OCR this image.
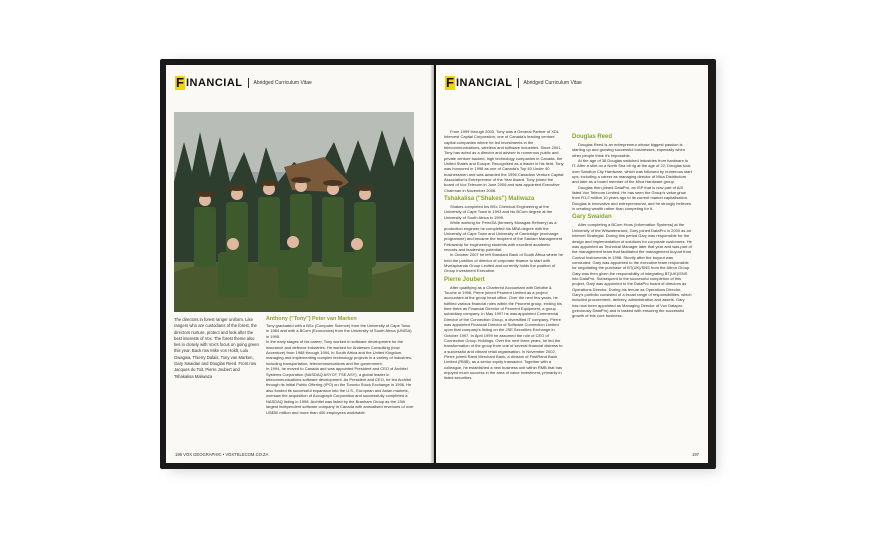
F INANCIAL Abridged Curriculum Vitae
The directors in forest ranger uniform. Like rangers who are custodians of the forest, the directors nurture, protect and look after the best interests of Vox. The forest theme also ties in closely with Vox's focus on going green this year. Back row Mike von Holdt, Lulu Gwagwa, Thierry Dalais, Tony van Marken, Gary Swaidan and Douglas Reed. Front row Jacques du Toit, Pierre Joubert and Tshakalisa Maliwaza
Anthony ("Tony") Peter van Marken

Tony graduated with a BSc (Computer Science) from the University of Cape Town in 1984 and with a BCom (Economics) from the University of South Africa (UNISA) in 1995.

In the early stages of his career, Tony worked in software development for the insurance and defence industries. He worked for Andersen Consulting (now Accenture) from 1988 through 1994, in South Africa and the United Kingdom, managing and implementing complex technology projects in a variety of industries, including transportation, telecommunications and the government.

In 1994, he moved to Canada and was appointed President and CEO of Architel Systems Corporation (NASDAQ ASYCF, TSE ASY), a global leader in telecommunications software development. As President and CEO, he led Architel through its Initial Public Offering (IPO) on the Toronto Stock Exchange in 1996. He also funded its successful expansion into the U.S., European and Asian markets, oversaw the acquisition of Accugraph Corporation and successfully completed a NASDAQ listing in 1998. Architel was listed by the Branham Group as the 13th largest independent software company in Canada with annualised revenues of over US$50 million and more than 400 employees worldwide.

196 VOX GEOGRAPHIC • VOXTELECOM.CO.ZA
F INANCIAL Abridged Curriculum Vitae

From 1999 through 2003, Tony was a General Partner of XDL Intervest Capital Corporation, one of Canada's leading venture capital companies where he led investments in the telecommunications, wireless and software industries. Since 2001, Tony has acted as a director and adviser to numerous public and private venture backed, high technology companies in Canada, the United States and Europe. Recognised as a leader in his field, Tony was honoured in 1998 as one of Canada's Top 40 Under 40 businessmen and was awarded the 1996 Canadian Venture Capital Association's Entrepreneur of the Year Award. Tony joined the board of Vox Telecom in June 2006 and was appointed Executive Chairman in November 2006.

Tshakalisa ("Shakes") Maliwaza

Shakes completed his BSc Chemical Engineering at the University of Cape Town in 1993 and his BCom degree at the University of South Africa in 1999.

While working for PetroSA (formerly Mossgas Refinery) as a production engineer he completed his MBA degree with the University of Cape Town and University of Cambridge (exchange programme) and became the recipient of the Sanlam Management Fellowship for engineering students with excellent academic records and leadership potential.

In October 2007 he left Standard Bank of South Africa where he held the position of director of corporate finance to start with Mvelaphanda Group Limited and currently holds the position of Group Investment Executive.

Pierre Joubert

After qualifying as a Chartered Accountant with Deloitte & Touche in 1996, Pierre joined Peunent Limited as a project accountant at the group head office. Over the next few years, he fulfilled various financial roles within the Peunent group, ending his time there as Financial Director of Peunent Equipment, a group subsidiary company. In May 1997 he was appointed Commercial Director of the Connection Group, a diversified IT company. Pierre was appointed Financial Director of Software Connection Limited upon that company's listing on the JSE Securities Exchange in October 1997. In April 1999 he assumed the role of CEO of Connection Group Holdings. Over the next three years, he led the transformation of the group from one of several financial distress to a successful and vibrant retail organisation. In November 2002, Pierre joined Rand Merchant Bank, a division of FirstRand Bank Limited (RMB), as a senior equity transactor. Together with a colleague, he established a new business unit within RMB that has enjoyed much success in the area of value investment, primarily in listed securities.

Douglas Reed

Douglas Reed is an entrepreneur whose biggest passion is starting up and growing successful businesses, especially when other people think it's impossible.

At the age of 38 Douglas switched industries from hardware to IT. After a stint on a North Sea oil rig at the age of 22, Douglas took over Sandton City Hardware, which was followed by numerous start ups, including a career as managing director of Mica Distributors and later as a board member of the Mica Hardware group.

Douglas then joined DataPro, an ISP that is now part of AIX listed Vox Telecom Limited. He has seen the Group's value grow from R1,2 million 10 years ago to its current market capitalisation. Douglas is innovative and entrepreneurial, and he strongly believes in creating wealth rather than competing for it.

Gary Swaidan

After completing a BCom Hons (Information Systems) at the University of the Witwatersrand, Gary joined DataPro in 2000 as an Internet Strategist. During this period Gary was responsible for the design and implementation of solutions for corporate customers. He was appointed as Technical Manager later that year and was part of the management team that facilitated the management buyout from Control Instruments in 1998. Shortly after the buyout was concluded, Gary was appointed to the executive team responsible for negotiating the purchase of BT(UK)/SNS from the Altron Group. Gary was then given the responsibility of integrating BT(UK)/SNS into DataPro. Subsequent to the successful completion of this project, Gary was appointed to the DataPro board of directors as Operations Director. During his tenure as Operations Director, Gary's portfolio consisted of a broad range of responsibilities, which included procurement, delivery, administration and assets. Gary has now been appointed as Managing Director of Vox Datapro (previously DataPro) and is tasked with ensuring the successful growth of this core business.

197
